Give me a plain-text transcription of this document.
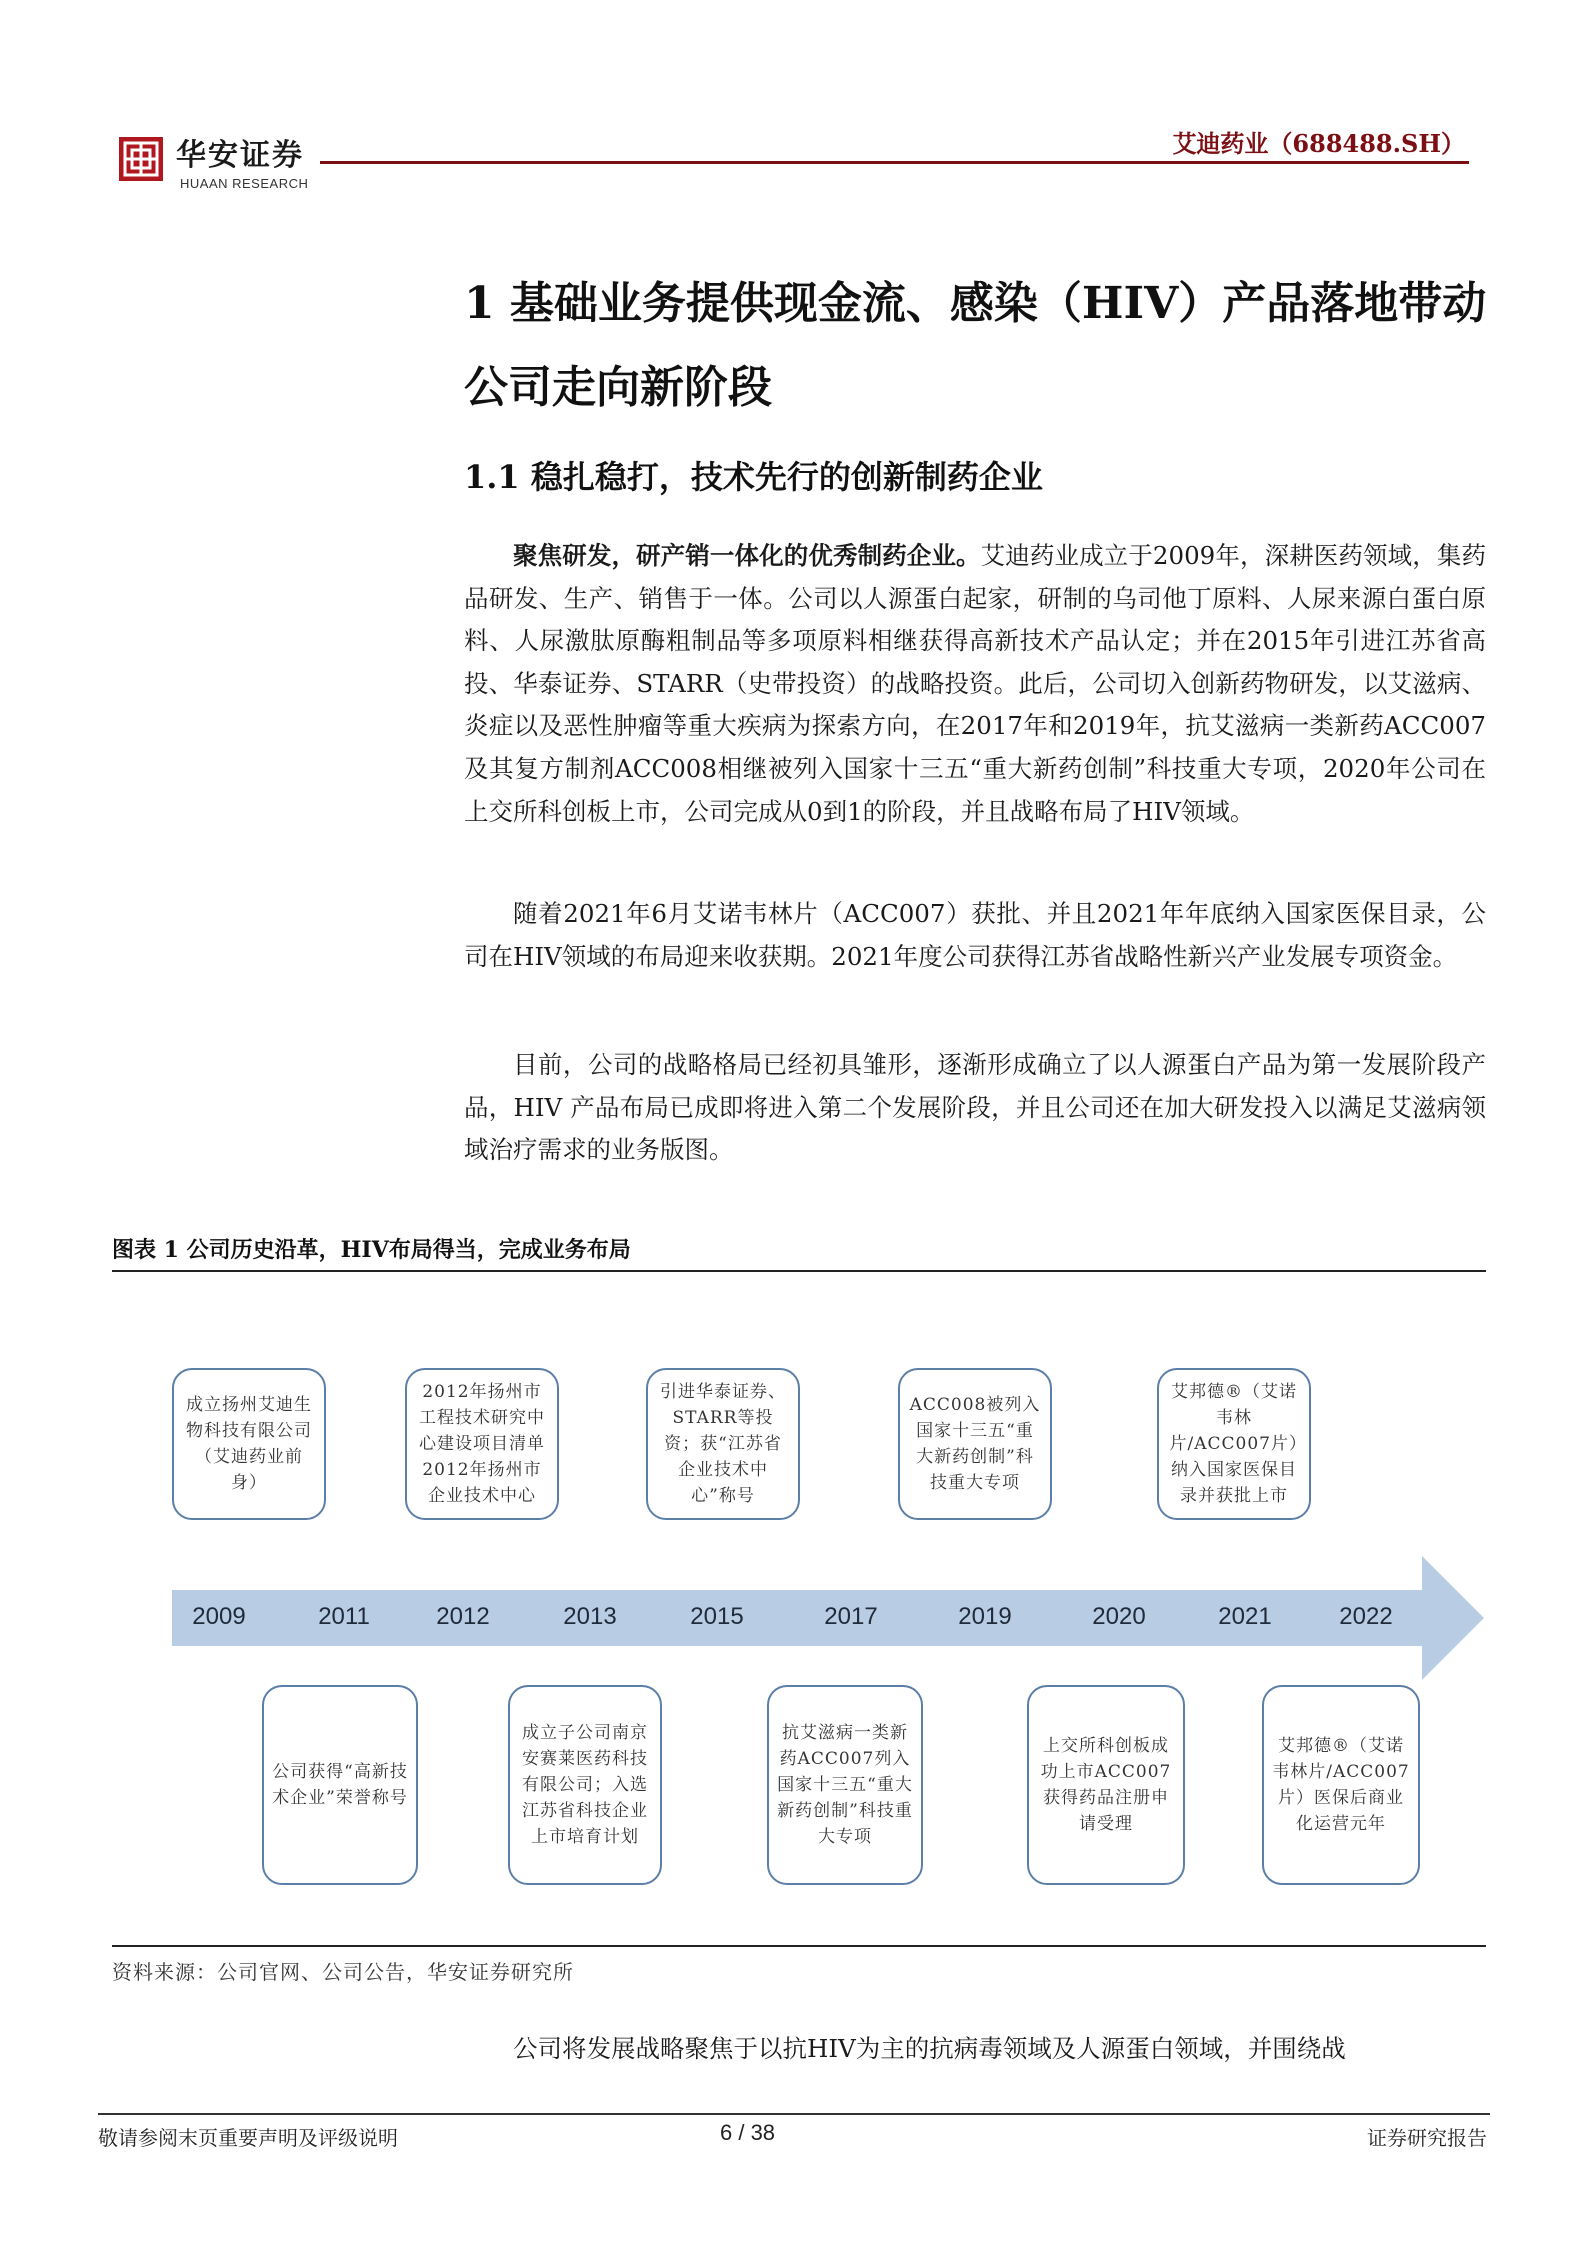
华安证券
HUAAN RESEARCH
艾迪药业（688488.SH）
1 基础业务提供现金流、感染（HIV）产品落地带动公司走向新阶段
1.1 稳扎稳打，技术先行的创新制药企业
聚焦研发，研产销一体化的优秀制药企业。艾迪药业成立于2009年，深耕医药领域，集药品研发、生产、销售于一体。公司以人源蛋白起家，研制的乌司他丁原料、人尿来源白蛋白原料、人尿激肽原酶粗制品等多项原料相继获得高新技术产品认定；并在2015年引进江苏省高投、华泰证券、STARR（史带投资）的战略投资。此后，公司切入创新药物研发，以艾滋病、炎症以及恶性肿瘤等重大疾病为探索方向，在2017年和2019年，抗艾滋病一类新药ACC007及其复方制剂ACC008相继被列入国家十三五“重大新药创制”科技重大专项，2020年公司在上交所科创板上市，公司完成从0到1的阶段，并且战略布局了HIV领域。
随着2021年6月艾诺韦林片（ACC007）获批、并且2021年年底纳入国家医保目录，公司在HIV领域的布局迎来收获期。2021年度公司获得江苏省战略性新兴产业发展专项资金。
目前，公司的战略格局已经初具雏形，逐渐形成确立了以人源蛋白产品为第一发展阶段产品，HIV 产品布局已成即将进入第二个发展阶段，并且公司还在加大研发投入以满足艾滋病领域治疗需求的业务版图。
图表 1 公司历史沿革，HIV布局得当，完成业务布局
成立扬州艾迪生物科技有限公司（艾迪药业前身）
2012年扬州市工程技术研究中心建设项目清单2012年扬州市企业技术中心
引进华泰证券、STARR等投资；获“江苏省企业技术中心”称号
ACC008被列入国家十三五“重大新药创制”科技重大专项
艾邦德®（艾诺韦林片/ACC007片）纳入国家医保目录并获批上市
2009	2011	2012	2013	2015	2017	2019	2020	2021	2022
公司获得“高新技术企业”荣誉称号
成立子公司南京安赛莱医药科技有限公司；入选江苏省科技企业上市培育计划
抗艾滋病一类新药ACC007列入国家十三五“重大新药创制”科技重大专项
上交所科创板成功上市ACC007获得药品注册申请受理
艾邦德®（艾诺韦林片/ACC007片）医保后商业化运营元年
资料来源：公司官网、公司公告，华安证券研究所
公司将发展战略聚焦于以抗HIV为主的抗病毒领域及人源蛋白领域，并围绕战
敬请参阅末页重要声明及评级说明	6 / 38	证券研究报告
